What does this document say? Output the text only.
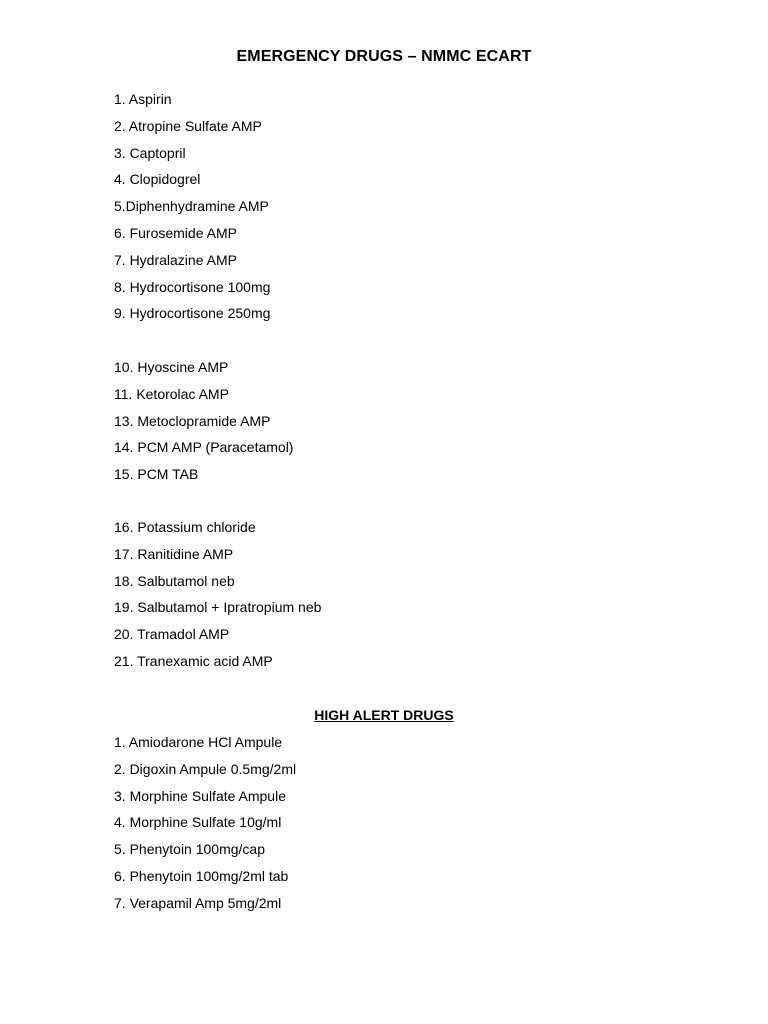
EMERGENCY DRUGS – NMMC ECART
1. Aspirin
2. Atropine Sulfate AMP
3. Captopril
4. Clopidogrel
5.Diphenhydramine AMP
6. Furosemide AMP
7. Hydralazine AMP
8. Hydrocortisone 100mg
9. Hydrocortisone 250mg
10. Hyoscine AMP
11. Ketorolac AMP
13. Metoclopramide AMP
14. PCM AMP (Paracetamol)
15. PCM TAB
16. Potassium chloride
17. Ranitidine AMP
18. Salbutamol neb
19. Salbutamol + Ipratropium neb
20. Tramadol AMP
21. Tranexamic acid AMP
HIGH ALERT DRUGS
1. Amiodarone HCl Ampule
2. Digoxin Ampule 0.5mg/2ml
3. Morphine Sulfate Ampule
4. Morphine Sulfate 10g/ml
5. Phenytoin 100mg/cap
6. Phenytoin 100mg/2ml tab
7. Verapamil Amp 5mg/2ml
